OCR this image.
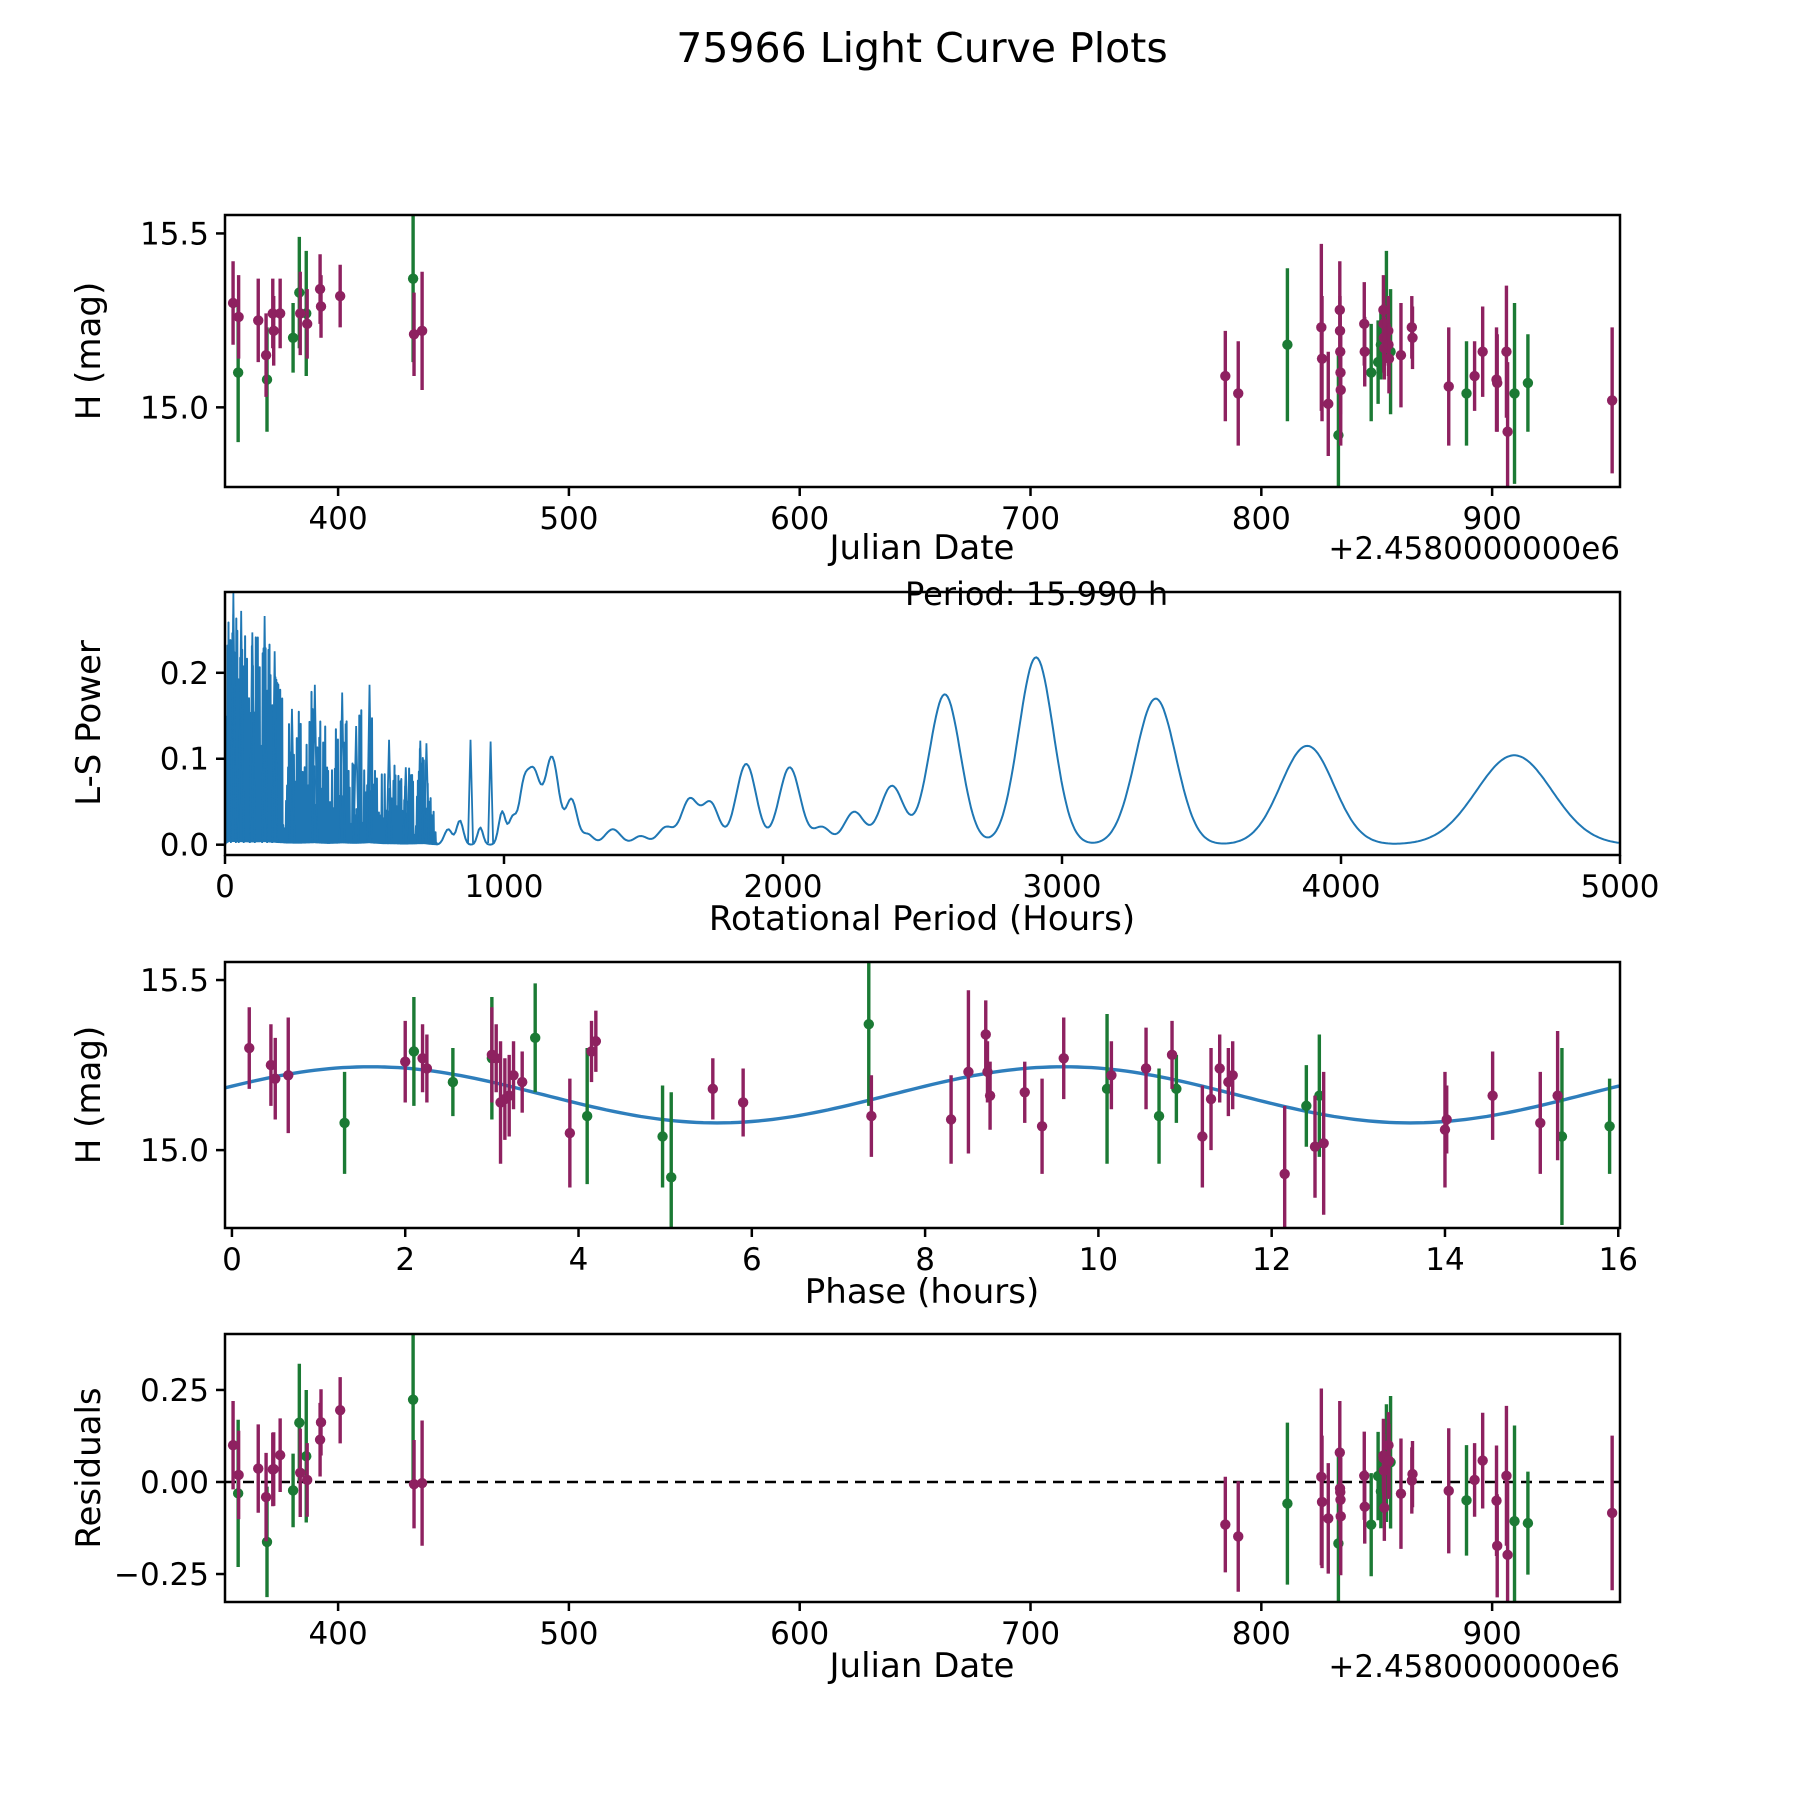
400	500	600	700	800	900
15.5
15.0
0	1000	2000	3000	4000	5000
0.0
0.1
0.2
0	2	4	6	8	10	12	14	16
15.5
15.0
400	500	600	700	800	900
0.25
0.00
−0.25
75966 Light Curve Plots
H (mag)
Julian Date	+2.4580000000e6
L-S Power
Rotational Period (Hours)
Period: 15.990 h
H (mag)
Phase (hours)
Residuals
Julian Date	+2.4580000000e6
